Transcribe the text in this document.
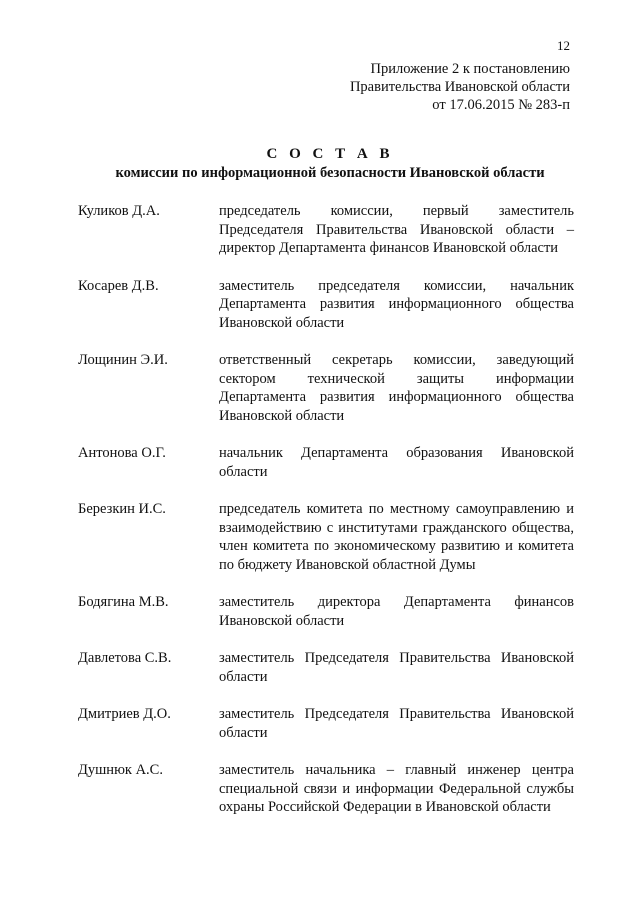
12
Приложение 2 к постановлению
Правительства Ивановской области
от 17.06.2015 № 283-п
С О С Т А В
комиссии по информационной безопасности Ивановской области
Куликов Д.А.	председатель комиссии, первый заместитель Председателя Правительства Ивановской области – директор Департамента финансов Ивановской области
Косарев Д.В.	заместитель председателя комиссии, начальник Департамента развития информационного общества Ивановской области
Лощинин Э.И.	ответственный секретарь комиссии, заведующий сектором технической защиты информации Департамента развития информационного общества Ивановской области
Антонова О.Г.	начальник Департамента образования Ивановской области
Березкин И.С.	председатель комитета по местному самоуправлению и взаимодействию с институтами гражданского общества, член комитета по экономическому развитию и комитета по бюджету Ивановской областной Думы
Бодягина М.В.	заместитель директора Департамента финансов Ивановской области
Давлетова С.В.	заместитель Председателя Правительства Ивановской области
Дмитриев Д.О.	заместитель Председателя Правительства Ивановской области
Душнюк А.С.	заместитель начальника – главный инженер центра специальной связи и информации Федеральной службы охраны Российской Федерации в Ивановской области
